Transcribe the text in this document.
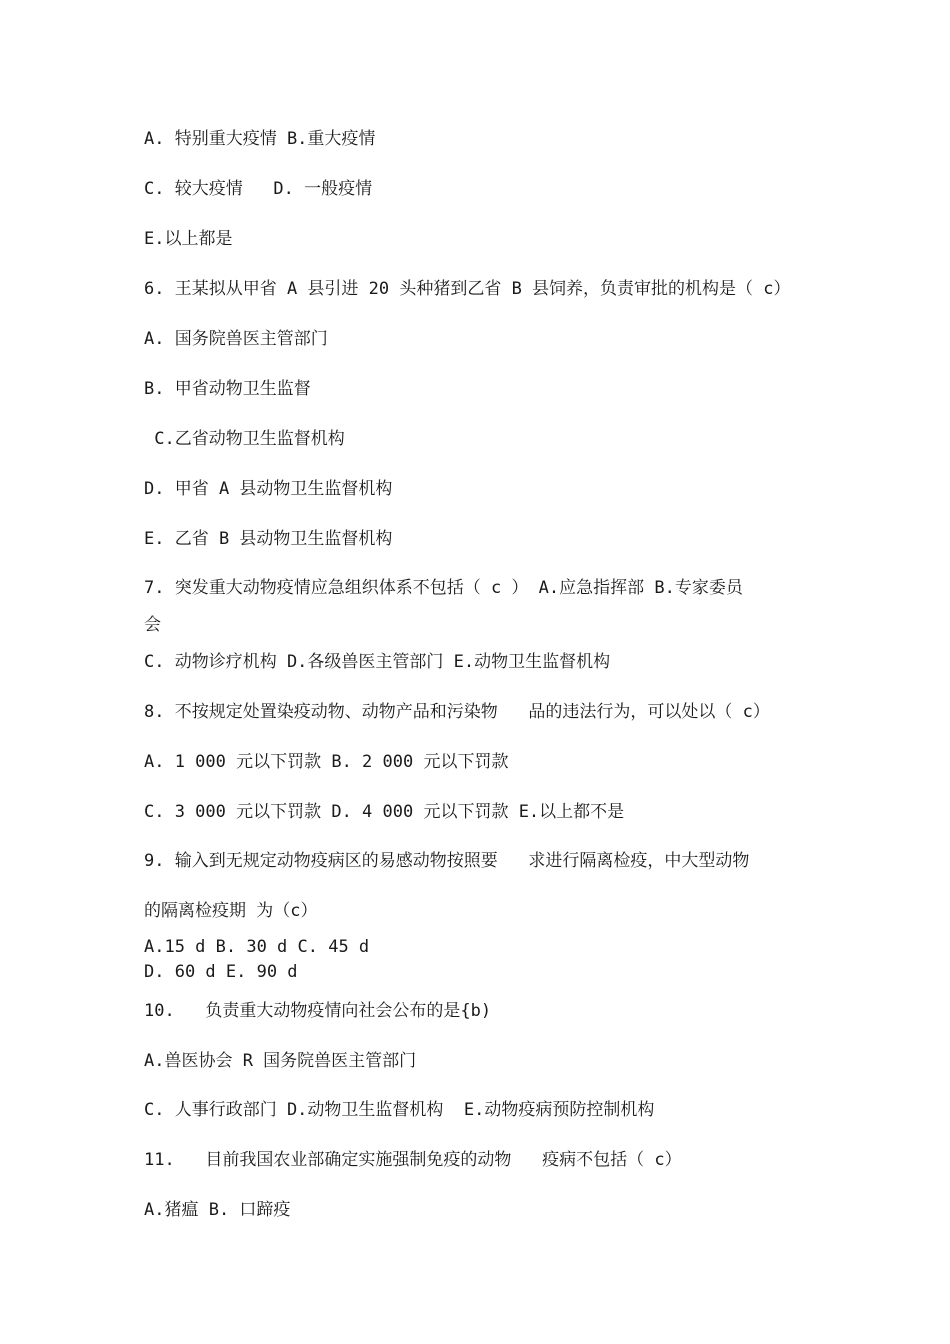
A. 特别重大疫情 B.重大疫情
C. 较大疫情   D. 一般疫情
E.以上都是
6. 王某拟从甲省 A 县引进 20 头种猪到乙省 B 县饲养，负责审批的机构是（ c）
A. 国务院兽医主管部门
B. 甲省动物卫生监督
C.乙省动物卫生监督机构
D. 甲省 A 县动物卫生监督机构
E. 乙省 B 县动物卫生监督机构
7. 突发重大动物疫情应急组织体系不包括（ c ） A.应急指挥部 B.专家委员
会
C. 动物诊疗机构 D.各级兽医主管部门 E.动物卫生监督机构
8. 不按规定处置染疫动物、动物产品和污染物   品的违法行为，可以处以（ c）
A. 1 000 元以下罚款 B. 2 000 元以下罚款
C. 3 000 元以下罚款 D. 4 000 元以下罚款 E.以上都不是
9. 输入到无规定动物疫病区的易感动物按照要   求进行隔离检疫，中大型动物
的隔离检疫期 为（c）
A.15 d B. 30 d C. 45 d
D. 60 d E. 90 d
10.   负责重大动物疫情向社会公布的是{b)
A.兽医协会 R 国务院兽医主管部门
C. 人事行政部门 D.动物卫生监督机构  E.动物疫病预防控制机构
11.   目前我国农业部确定实施强制免疫的动物   疫病不包括（ c）
A.猪瘟 B. 口蹄疫
